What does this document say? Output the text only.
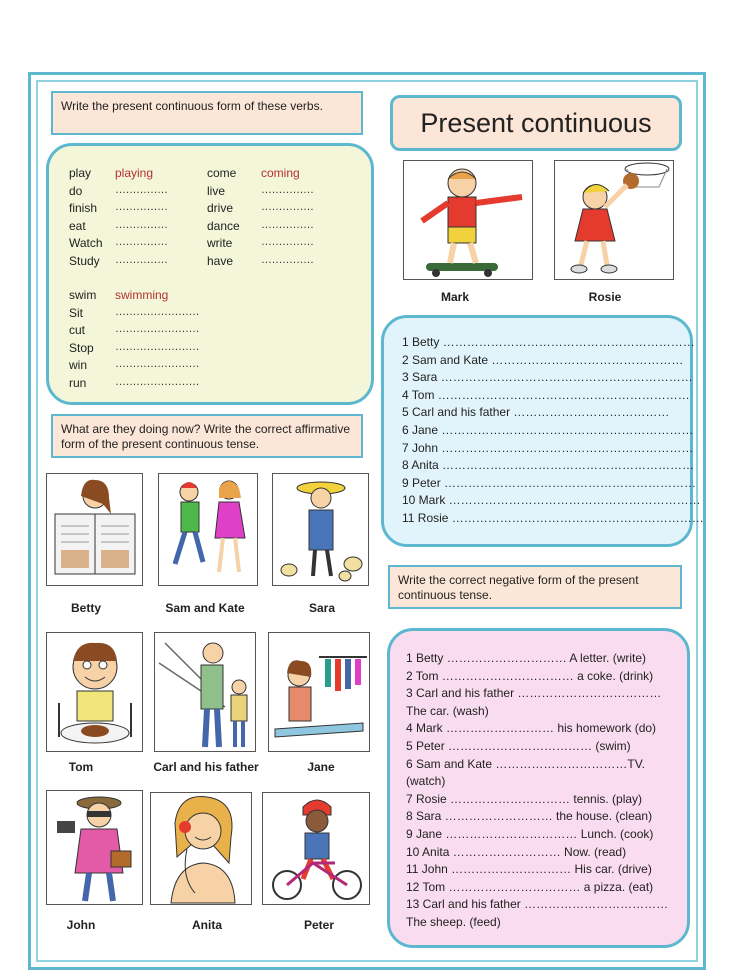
Write the present continuous form of these verbs.
Present continuous
play playing
do	……………
finish ……………
eat	……………
Watch ……………
Study ……………
come coming
live	……………
drive	……………
dance ……………
write	……………
have	……………
swim swimming
Sit	……………………
cut	……………………
Stop ……………………
win	……………………
run	……………………
Mark	Rosie
1 Betty ………………………………………………………
2 Sam and Kate …………………………………………
3 Sara ………………………………………………………
4 Tom ………………………………………………………
5 Carl and his father …………………………………
6 Jane ………………………………………………………
7 John ………………………………………………………
8 Anita ………………………………………………………
9 Peter ………………………………………………………
10 Mark ………………………………………………………
11 Rosie ………………………………………………………
What are they doing now? Write the correct affirmative form of the present continuous tense.
Write the correct negative form of the present continuous tense.
1 Betty ………………………… A letter. (write)
2 Tom …………………………… a coke. (drink)
3 Carl and his father ………………………………
The car. (wash)
4 Mark ……………………… his homework (do)
5 Peter ……………………………… (swim)
6 Sam and Kate ……………………………TV.
(watch)
7 Rosie ………………………… tennis. (play)
8 Sara ……………………… the house. (clean)
9 Jane …………………………… Lunch. (cook)
10 Anita ……………………… Now. (read)
11 John ………………………… His car. (drive)
12 Tom …………………………… a pizza. (eat)
13 Carl and his father ………………………………
The sheep. (feed)
Betty	Sam and Kate	Sara
Tom	Carl and his father	Jane
John	Anita	Peter
